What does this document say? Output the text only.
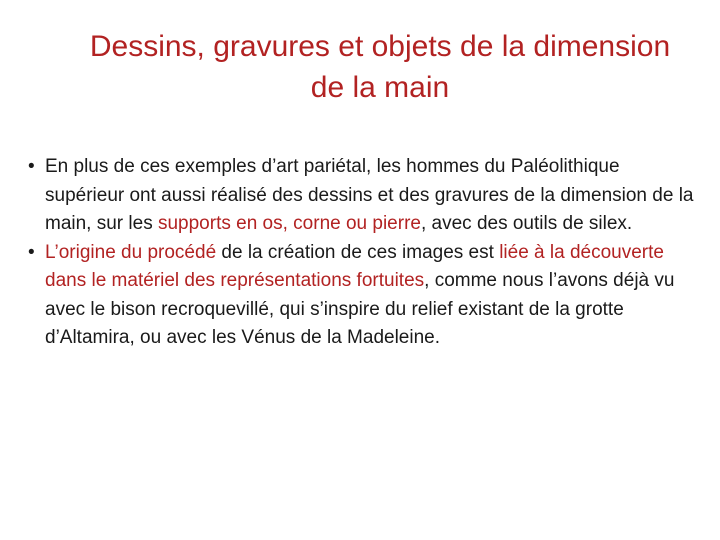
Dessins, gravures et objets de la dimension
de la main
• En plus de ces exemples d’art pariétal, les hommes du Paléolithique supérieur ont aussi réalisé des dessins et des gravures de la dimension de la main, sur les supports en os, corne ou pierre, avec des outils de silex.
• L’origine du procédé de la création de ces images est liée à la découverte dans le matériel des représentations fortuites, comme nous l’avons déjà vu avec le bison recroquevillé, qui s’inspire du relief existant de la grotte d’Altamira, ou avec les Vénus de la Madeleine.
